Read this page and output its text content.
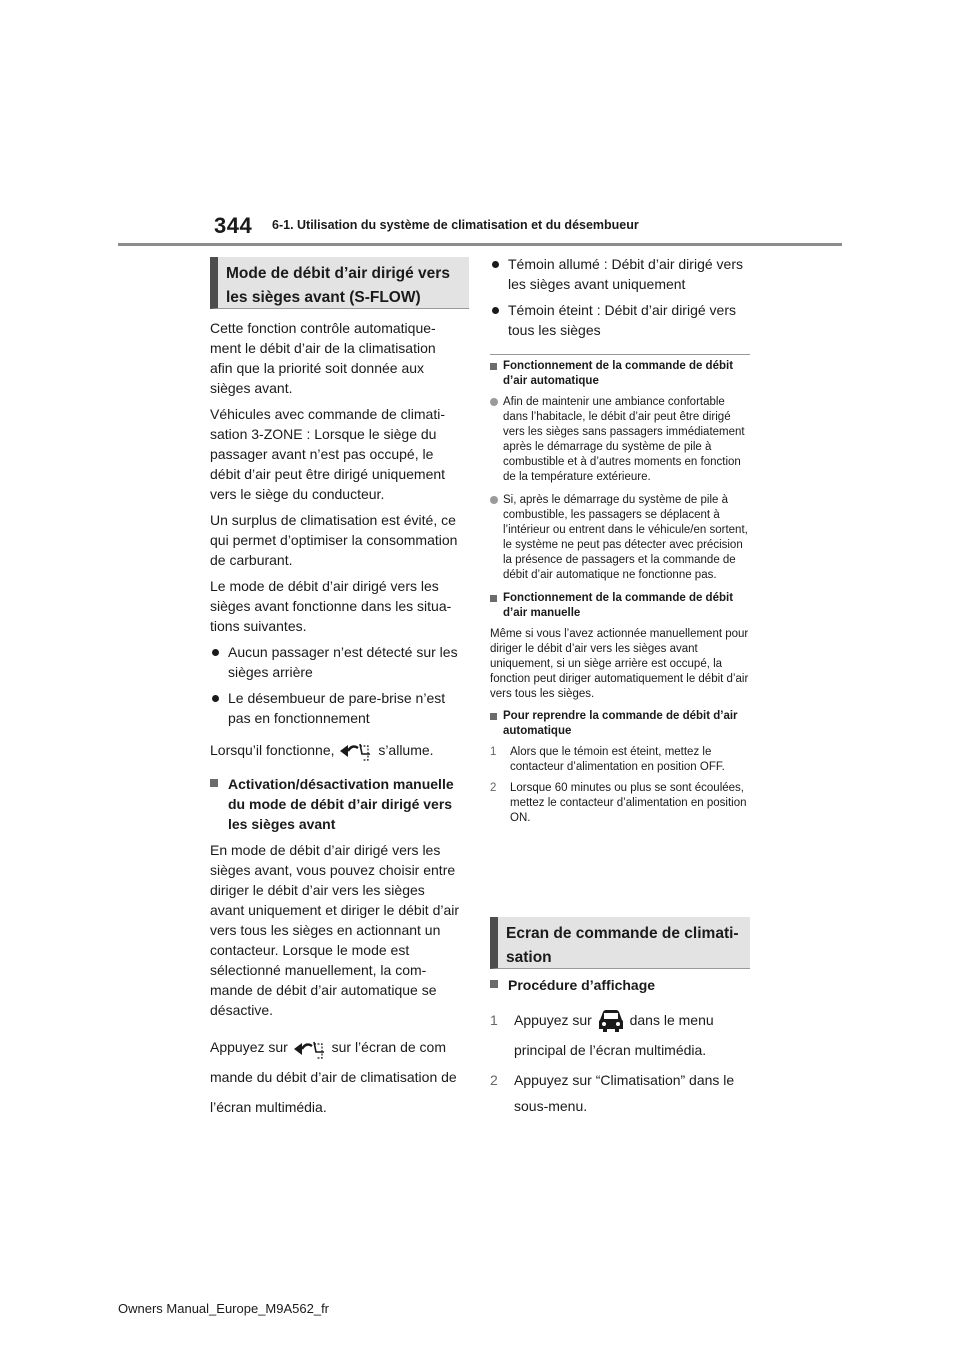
344 6-1. Utilisation du système de climatisation et du désembueur
Mode de débit d’air dirigé vers
les sièges avant (S-FLOW)

Cette fonction contrôle automatiquement le débit d’air de la climatisation afin que la priorité soit donnée aux sièges avant.

Véhicules avec commande de climatisation 3-ZONE : Lorsque le siège du passager avant n’est pas occupé, le débit d’air peut être dirigé uniquement vers le siège du conducteur.

Un surplus de climatisation est évité, ce qui permet d’optimiser la consommation de carburant.

Le mode de débit d’air dirigé vers les sièges avant fonctionne dans les situations suivantes.

Aucun passager n’est détecté sur les sièges arrière
Le désembueur de pare-brise n’est pas en fonctionnement

Lorsqu’il fonctionne,	s’allume.

Activation/désactivation manuelle du mode de débit d’air dirigé vers les sièges avant

En mode de débit d’air dirigé vers les sièges avant, vous pouvez choisir entre diriger le débit d’air vers les sièges avant uniquement et diriger le débit d’air vers tous les sièges en actionnant un contacteur. Lorsque le mode est sélectionné manuellement, la commande de débit d’air automatique se désactive.

Appuyez sur	sur l’écran de com
mande du débit d’air de climatisation de
l’écran multimédia.

Témoin allumé : Débit d’air dirigé vers les sièges avant uniquement
Témoin éteint : Débit d’air dirigé vers tous les sièges
Fonctionnement de la commande de débit d’air automatique
Afin de maintenir une ambiance confortable dans l’habitacle, le débit d’air peut être dirigé vers les sièges sans passagers immédiatement après le démarrage du système de pile à combustible et à d’autres moments en fonction de la température extérieure.
Si, après le démarrage du système de pile à combustible, les passagers se déplacent à l’intérieur ou entrent dans le véhicule/en sortent, le système ne peut pas détecter avec précision la présence de passagers et la commande de débit d’air automatique ne fonctionne pas.
Fonctionnement de la commande de débit d’air manuelle

Même si vous l’avez actionnée manuellement pour diriger le débit d’air vers les sièges avant uniquement, si un siège arrière est occupé, la fonction peut diriger automatiquement le débit d’air vers tous les sièges.

Pour reprendre la commande de débit d’air automatique
1 Alors que le témoin est éteint, mettez le contacteur d’alimentation en position OFF.
2 Lorsque 60 minutes ou plus se sont écoulées, mettez le contacteur d’alimentation en position ON.
Ecran de commande de climati-
sation
Procédure d’affichage
1 Appuyez sur	dans le menu
principal de l’écran multimédia.
2 Appuyez sur “Climatisation” dans le sous-menu.
Owners Manual_Europe_M9A562_fr
